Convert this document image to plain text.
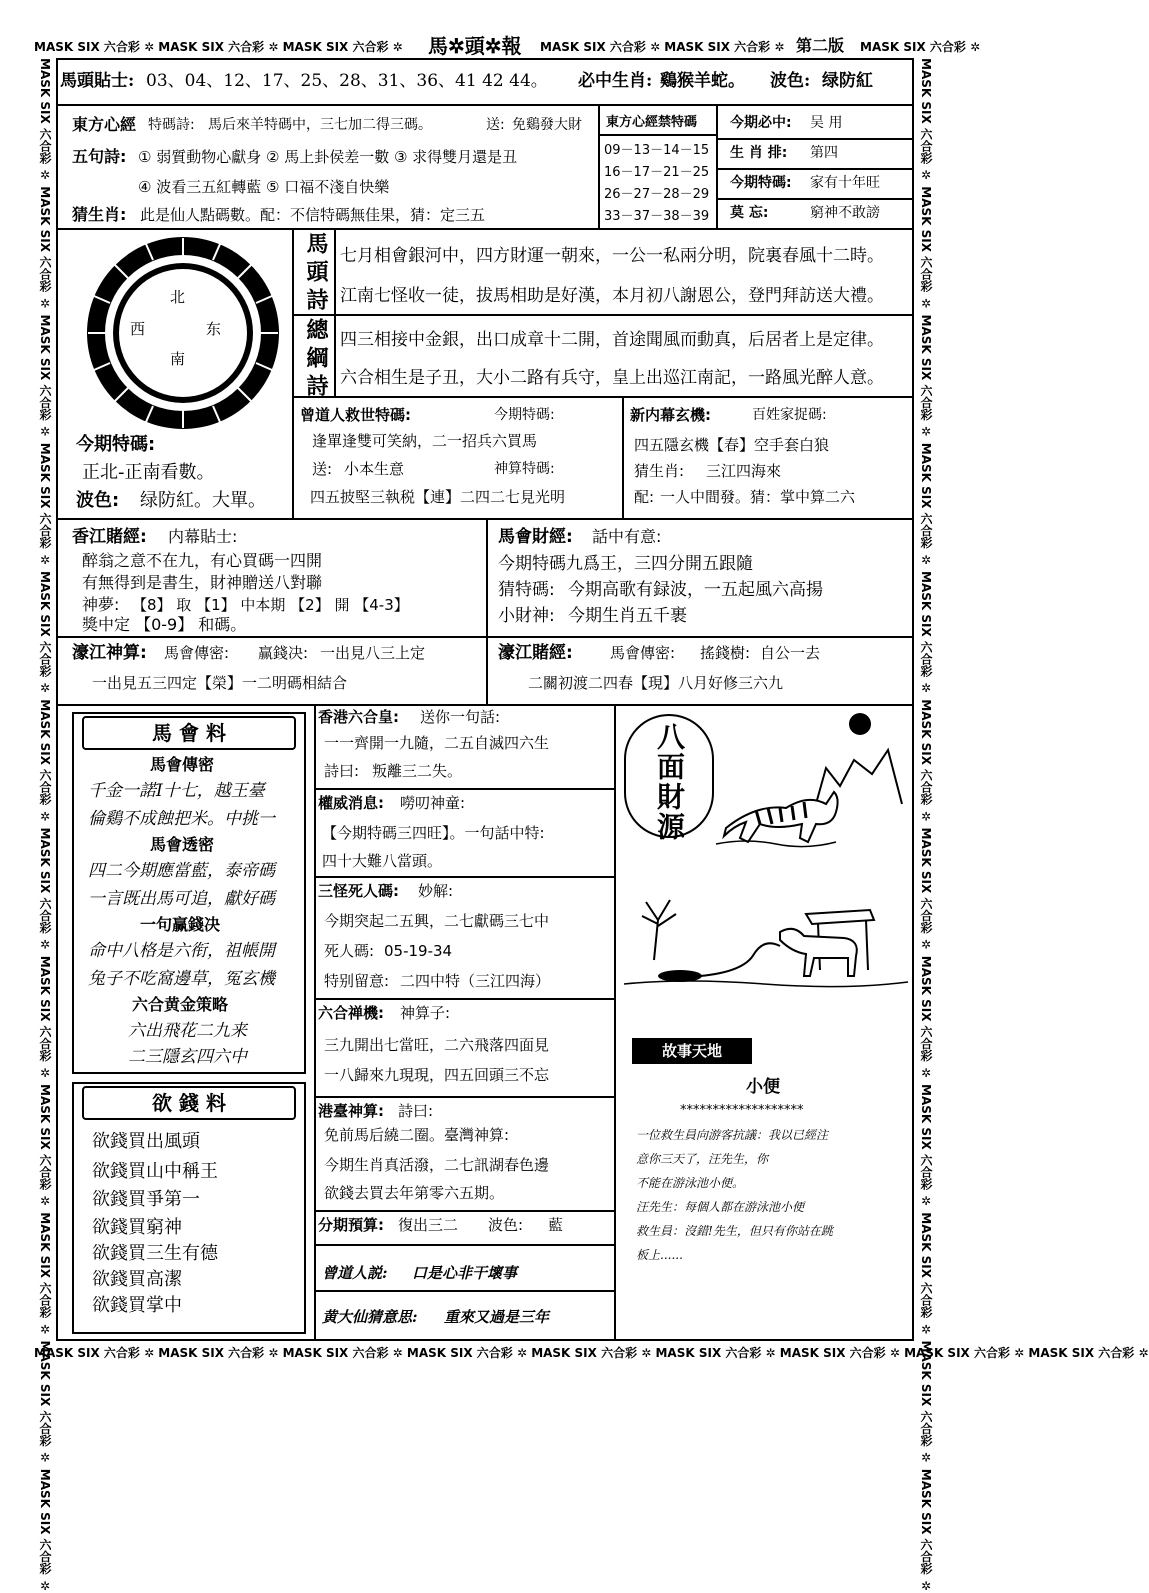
MASK SIX 六合彩 ✲ MASK SIX 六合彩 ✲ MASK SIX 六合彩 ✲	馬✲頭✲報	MASK SIX 六合彩 ✲ MASK SIX 六合彩 ✲ 第二版	MASK SIX 六合彩 ✲
MASK SIX 六合彩 ✲ MASK SIX 六合彩 ✲ MASK SIX 六合彩 ✲ MASK SIX 六合彩 ✲ MASK SIX 六合彩 ✲ MASK SIX 六合彩 ✲ MASK SIX 六合彩 ✲ MASK SIX 六合彩 ✲ MASK SIX 六合彩 ✲
MASK SIX 六合彩 ✲ MASK SIX 六合彩 ✲ MASK SIX 六合彩 ✲ MASK SIX 六合彩 ✲ MASK SIX 六合彩 ✲ MASK SIX 六合彩 ✲ MASK SIX 六合彩 ✲ MASK SIX 六合彩 ✲ MASK SIX 六合彩 ✲ MASK SIX 六合彩 ✲ MASK SIX 六合彩 ✲ MASK SIX 六合彩 ✲
MASK SIX 六合彩 ✲ MASK SIX 六合彩 ✲ MASK SIX 六合彩 ✲ MASK SIX 六合彩 ✲ MASK SIX 六合彩 ✲ MASK SIX 六合彩 ✲ MASK SIX 六合彩 ✲ MASK SIX 六合彩 ✲ MASK SIX 六合彩 ✲ MASK SIX 六合彩 ✲ MASK SIX 六合彩 ✲ MASK SIX 六合彩 ✲
馬頭貼士: 03、04、12、17、25、28、31、36、41 42 44。 必中生肖: 鷄猴羊蛇。 波色: 绿防紅
東方心經 特碼詩: 馬后來羊特碼中，三七加二得三碼。	送: 免鷄發大財
五句詩: ① 弱質動物心獻身 ② 馬上卦侯差一數 ③ 求得雙月還是丑
④ 波看三五紅轉藍 ⑤ 口福不淺自快樂
猜生肖: 此是仙人點碼數。配：不信特碼無佳果，猜：定三五
東方心經禁特碼
09－13－14－15
16－17－21－25
26－27－28－29
33－37－38－39
今期必中: 吴 用
生 肖 排: 第四
今期特碼: 家有十年旺
莫 忘:	窮神不敢謗
北
西	东
南
今期特碼:
正北-正南看數。
波色: 绿防紅。大單。
馬頭詩 七月相會銀河中，四方財運一朝來，一公一私兩分明，院裏春風十二時。
江南七怪收一徒，拔馬相助是好漢，本月初八謝恩公，登門拜訪送大禮。
總綱詩 四三相接中金銀，出口成章十二開，首途聞風而動真，后居者上是定律。
六合相生是子丑，大小二路有兵守，皇上出巡江南記，一路風光醉人意。
曾道人救世特碼:	今期特碼:
逢單逢雙可笑納，二一招兵六買馬
送: 小本生意	神算特碼:
四五披堅三執税【連】二四二七見光明
新内幕玄機:	百姓家捉碼:
四五隱玄機【春】空手套白狼
猜生肖: 三江四海來
配: 一人中間發。猜：掌中算二六
香江賭經: 内幕貼士:
醉翁之意不在九，有心買碼一四開
有無得到是書生，財神贈送八對聯
神夢: 【8】 取 【1】 中本期 【2】 開 【4-3】
獎中定 【0-9】 和碼。
馬會財經: 話中有意:
今期特碼九爲王，三四分開五跟隨
猜特碼: 今期高歌有録波，一五起風六高揚
小財神: 今期生肖五千裹
濠江神算: 馬會傳密: 赢錢决: 一出見八三上定
一出見五三四定【榮】一二明碼相結合
濠江賭經: 馬會傳密: 搖錢樹: 自公一去
二關初渡二四春【現】八月好修三六九
馬 會 料
馬會傳密
千金一諾Ⅰ十七，越王臺
倫鷄不成蝕把米。中挑一
馬會透密
四二今期應當藍，泰帝碼
一言既出馬可追，獻好碼
一句赢錢决
命中八格是六衔，祖帳開
兔子不吃窩邊草，冤玄機
六合黄金策略
六出飛花二九来
二三隱玄四六中
欲 錢 料
欲錢買出風頭
欲錢買山中稱王
欲錢買爭第一
欲錢買窮神
欲錢買三生有德
欲錢買高潔
欲錢買掌中
香港六合皇: 送你一句話:
一一齊開一九隨，二五自滅四六生
詩曰: 叛離三二失。
權威消息: 嘮叨神童:
【今期特碼三四旺】。一句話中特:
四十大難八當頭。
三怪死人碼: 妙解:
今期突起二五興，二七獻碼三七中
死人碼: 05-19-34
特别留意: 二四中特（三江四海）
六合禅機: 神算子:
三九開出七當旺，二六飛落四面見
一八歸來九現現，四五回頭三不忘
港臺神算: 詩曰:
免前馬后繞二圈。臺灣神算:
今期生肖真活潑，二七訊湖春色邊
欲錢去買去年第零六五期。
分期預算: 復出三二 波色: 藍
曾道人説: 口是心非干壞事
黄大仙猜意思: 重來又過是三年
八面財源
故事天地
小便
*******************
一位救生員向游客抗議：我以已經注
意你三天了，汪先生，你
不能在游泳池小便。
汪先生：每個人都在游泳池小便
救生員：沒錯!先生，但只有你站在跳
板上......
